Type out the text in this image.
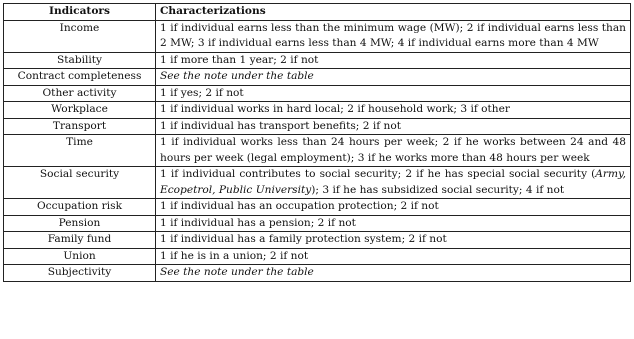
Indicators	Characterizations
Income	1 if individual earns less than the minimum wage (MW); 2 if individual earns less than 2 MW; 3 if individual earns less than 4 MW; 4 if individual earns more than 4 MW
Stability	1 if more than 1 year; 2 if not
Contract completeness	See the note under the table
Other activity	1 if yes; 2 if not
Workplace	1 if individual works in hard local; 2 if household work; 3 if other
Transport	1 if individual has transport benefits; 2 if not
Time	1 if individual works less than 24 hours per week; 2 if he works between 24 and 48 hours per week (legal employment); 3 if he works more than 48 hours per week
Social security	1 if individual contributes to social security; 2 if he has special social security (Army, Ecopetrol, Public University); 3 if he has subsidized social security; 4 if not
Occupation risk	1 if individual has an occupation protection; 2 if not
Pension	1 if individual has a pension; 2 if not
Family fund	1 if individual has a family protection system; 2 if not
Union	1 if he is in a union; 2 if not
Subjectivity	See the note under the table
